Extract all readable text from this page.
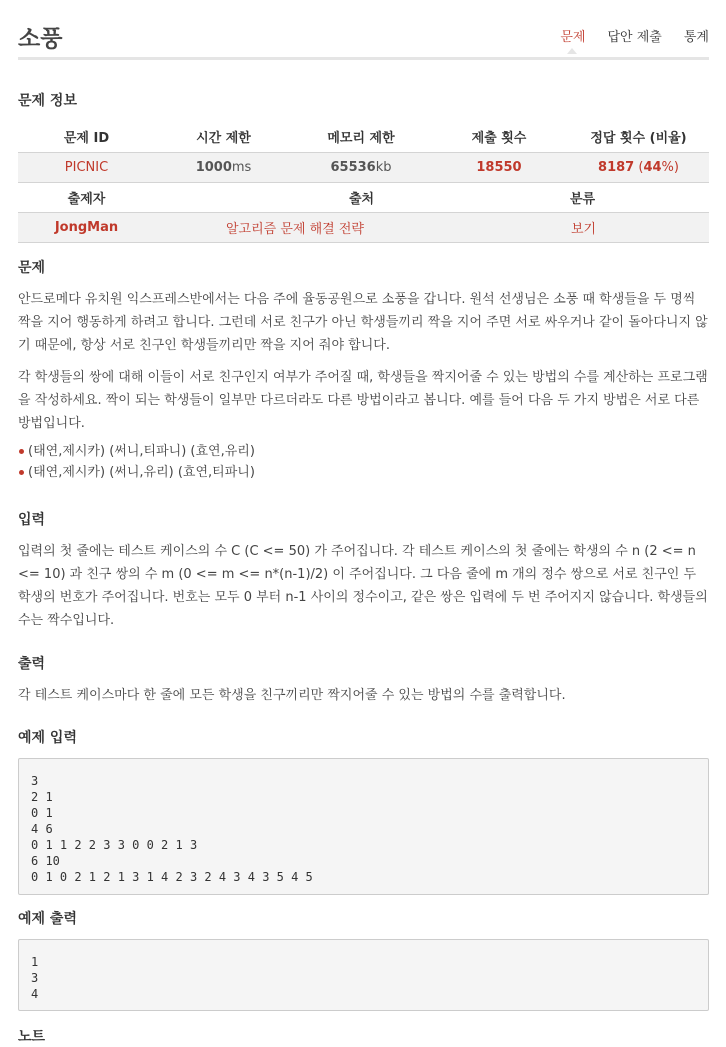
소풍	문제	답안 제출	통계
문제 정보
문제 ID	시간 제한	메모리 제한	제출 횟수	정답 횟수 (비율)
PICNIC	1000ms	65536kb	18550	8187 (44%)
출제자	출처	분류
JongMan	알고리즘 문제 해결 전략	보기
문제

안드로메다 유치원 익스프레스반에서는 다음 주에 율동공원으로 소풍을 갑니다. 원석 선생님은 소풍 때 학생들을 두 명씩 짝을 지어 행동하게 하려고 합니다. 그런데 서로 친구가 아닌 학생들끼리 짝을 지어 주면 서로 싸우거나 같이 돌아다니지 않기 때문에, 항상 서로 친구인 학생들끼리만 짝을 지어 줘야 합니다.

각 학생들의 쌍에 대해 이들이 서로 친구인지 여부가 주어질 때, 학생들을 짝지어줄 수 있는 방법의 수를 계산하는 프로그램을 작성하세요. 짝이 되는 학생들이 일부만 다르더라도 다른 방법이라고 봅니다. 예를 들어 다음 두 가지 방법은 서로 다른 방법입니다.

(태연,제시카) (써니,티파니) (효연,유리)
(태연,제시카) (써니,유리) (효연,티파니)
입력

입력의 첫 줄에는 테스트 케이스의 수 C (C <= 50) 가 주어집니다. 각 테스트 케이스의 첫 줄에는 학생의 수 n (2 <= n <= 10) 과 친구 쌍의 수 m (0 <= m <= n*(n-1)/2) 이 주어집니다. 그 다음 줄에 m 개의 정수 쌍으로 서로 친구인 두 학생의 번호가 주어집니다. 번호는 모두 0 부터 n-1 사이의 정수이고, 같은 쌍은 입력에 두 번 주어지지 않습니다. 학생들의 수는 짝수입니다.

출력

각 테스트 케이스마다 한 줄에 모든 학생을 친구끼리만 짝지어줄 수 있는 방법의 수를 출력합니다.

예제 입력
3
2 1
0 1
4 6
0 1 1 2 2 3 3 0 0 2 1 3
6 10
0 1 0 2 1 2 1 3 1 4 2 3 2 4 3 4 3 5 4 5
예제 출력
1
3
4
노트
